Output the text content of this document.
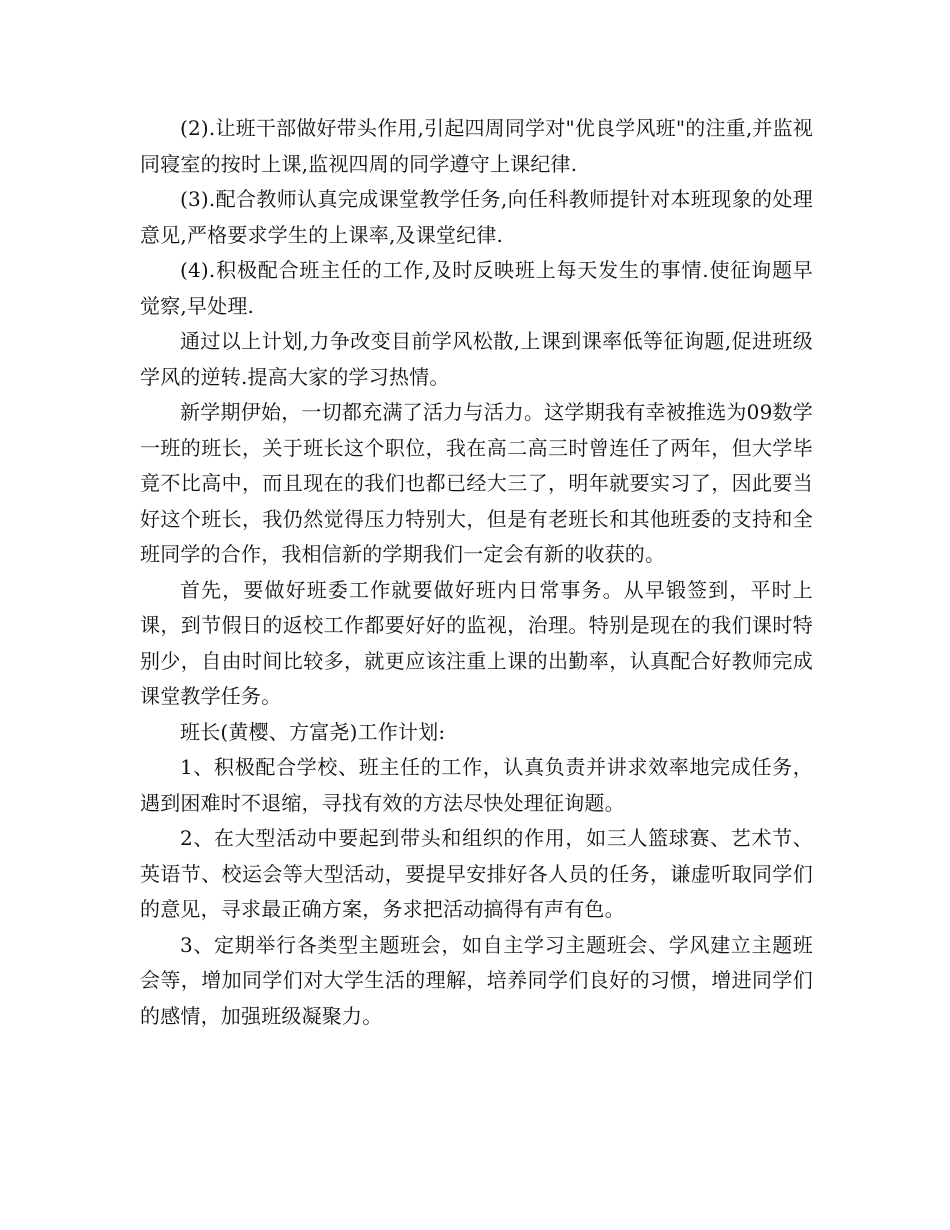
(2).让班干部做好带头作用,引起四周同学对"优良学风班"的注重,并监视同寝室的按时上课,监视四周的同学遵守上课纪律.

(3).配合教师认真完成课堂教学任务,向任科教师提针对本班现象的处理意见,严格要求学生的上课率,及课堂纪律.

(4).积极配合班主任的工作,及时反映班上每天发生的事情.使征询题早觉察,早处理.

通过以上计划,力争改变目前学风松散,上课到课率低等征询题,促进班级学风的逆转.提高大家的学习热情。

新学期伊始，一切都充满了活力与活力。这学期我有幸被推选为09数学一班的班长，关于班长这个职位，我在高二高三时曾连任了两年，但大学毕竟不比高中，而且现在的我们也都已经大三了，明年就要实习了，因此要当好这个班长，我仍然觉得压力特别大，但是有老班长和其他班委的支持和全班同学的合作，我相信新的学期我们一定会有新的收获的。

首先，要做好班委工作就要做好班内日常事务。从早锻签到，平时上课，到节假日的返校工作都要好好的监视，治理。特别是现在的我们课时特别少，自由时间比较多，就更应该注重上课的出勤率，认真配合好教师完成课堂教学任务。

班长(黄樱、方富尧)工作计划:

1、积极配合学校、班主任的工作，认真负责并讲求效率地完成任务，遇到困难时不退缩，寻找有效的方法尽快处理征询题。

2、在大型活动中要起到带头和组织的作用，如三人篮球赛、艺术节、英语节、校运会等大型活动，要提早安排好各人员的任务，谦虚听取同学们的意见，寻求最正确方案，务求把活动搞得有声有色。

3、定期举行各类型主题班会，如自主学习主题班会、学风建立主题班会等，增加同学们对大学生活的理解，培养同学们良好的习惯，增进同学们的感情，加强班级凝聚力。
